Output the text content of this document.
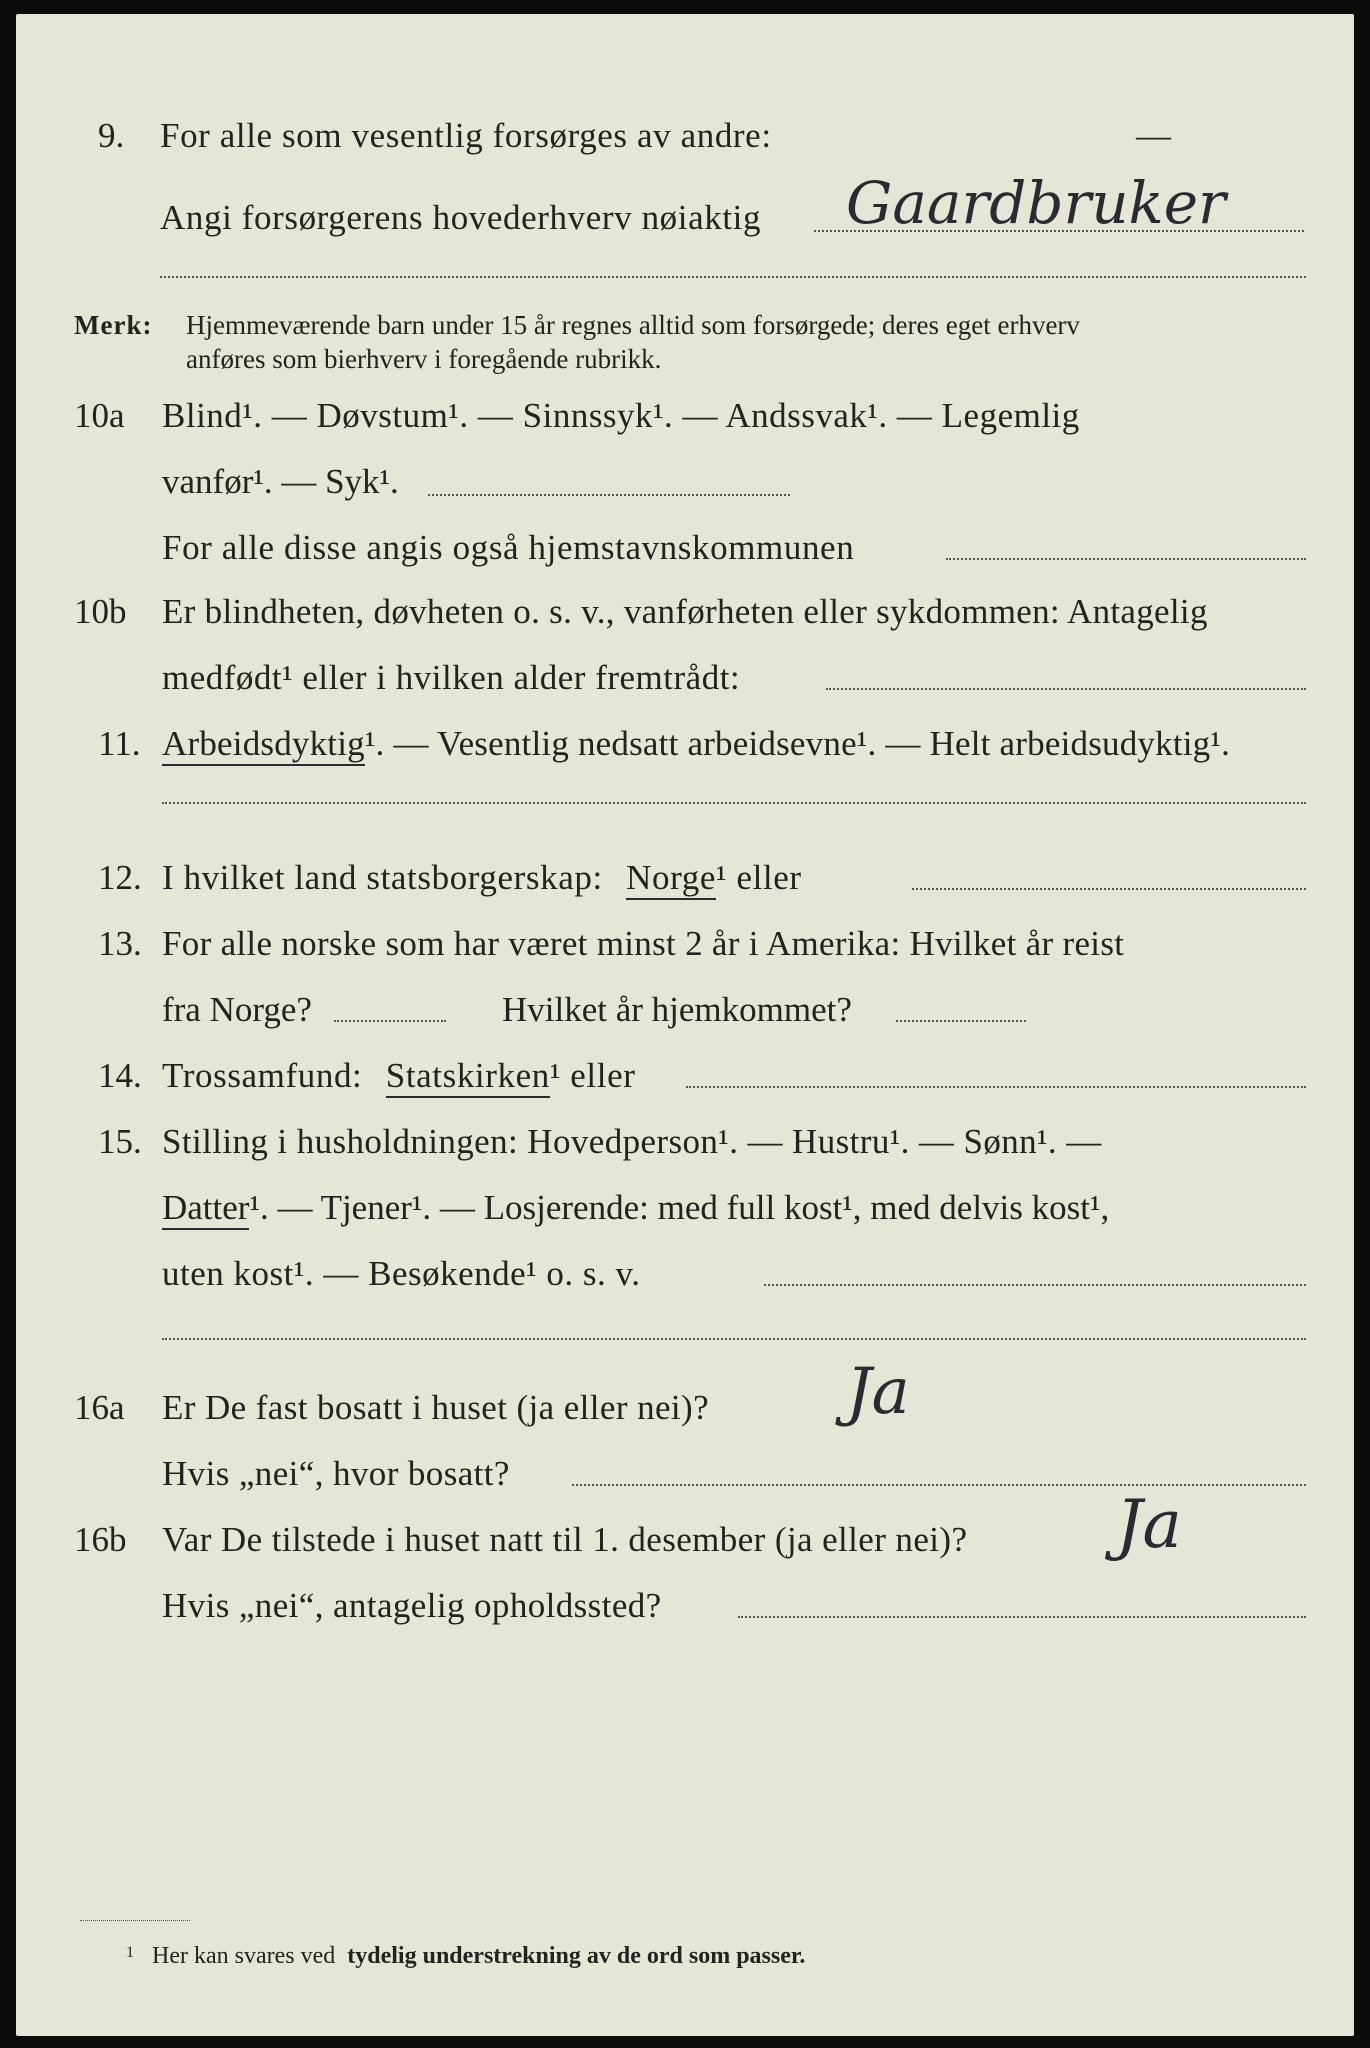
9. For alle som vesentlig forsørges av andre:	—
Angi forsørgerens hovederhverv nøiaktig Gaardbruker
Merk: Hjemmeværende barn under 15 år regnes alltid som forsørgede; deres eget erhverv
anføres som bierhverv i foregående rubrikk.
10a Blind¹. — Døvstum¹. — Sinnssyk¹. — Andssvak¹. — Legemlig
vanfør¹. — Syk¹.
For alle disse angis også hjemstavnskommunen
10b Er blindheten, døvheten o. s. v., vanførheten eller sykdommen: Antagelig
medfødt¹ eller i hvilken alder fremtrådt:
11. Arbeidsdyktig¹. — Vesentlig nedsatt arbeidsevne¹. — Helt arbeidsudyktig¹.
12. I hvilket land statsborgerskap: Norge¹ eller
13. For alle norske som har været minst 2 år i Amerika: Hvilket år reist
fra Norge?	Hvilket år hjemkommet?
14. Trossamfund: Statskirken¹ eller
15. Stilling i husholdningen: Hovedperson¹. — Hustru¹. — Sønn¹. —
Datter¹. — Tjener¹. — Losjerende: med full kost¹, med delvis kost¹,
uten kost¹. — Besøkende¹ o. s. v.
16a Er De fast bosatt i huset (ja eller nei)? Ja
Hvis „nei“, hvor bosatt?
16b Var De tilstede i huset natt til 1. desember (ja eller nei)? Ja
Hvis „nei“, antagelig opholdssted?
$^1$ Her kan svares ved tydelig understrekning av de ord som passer.
